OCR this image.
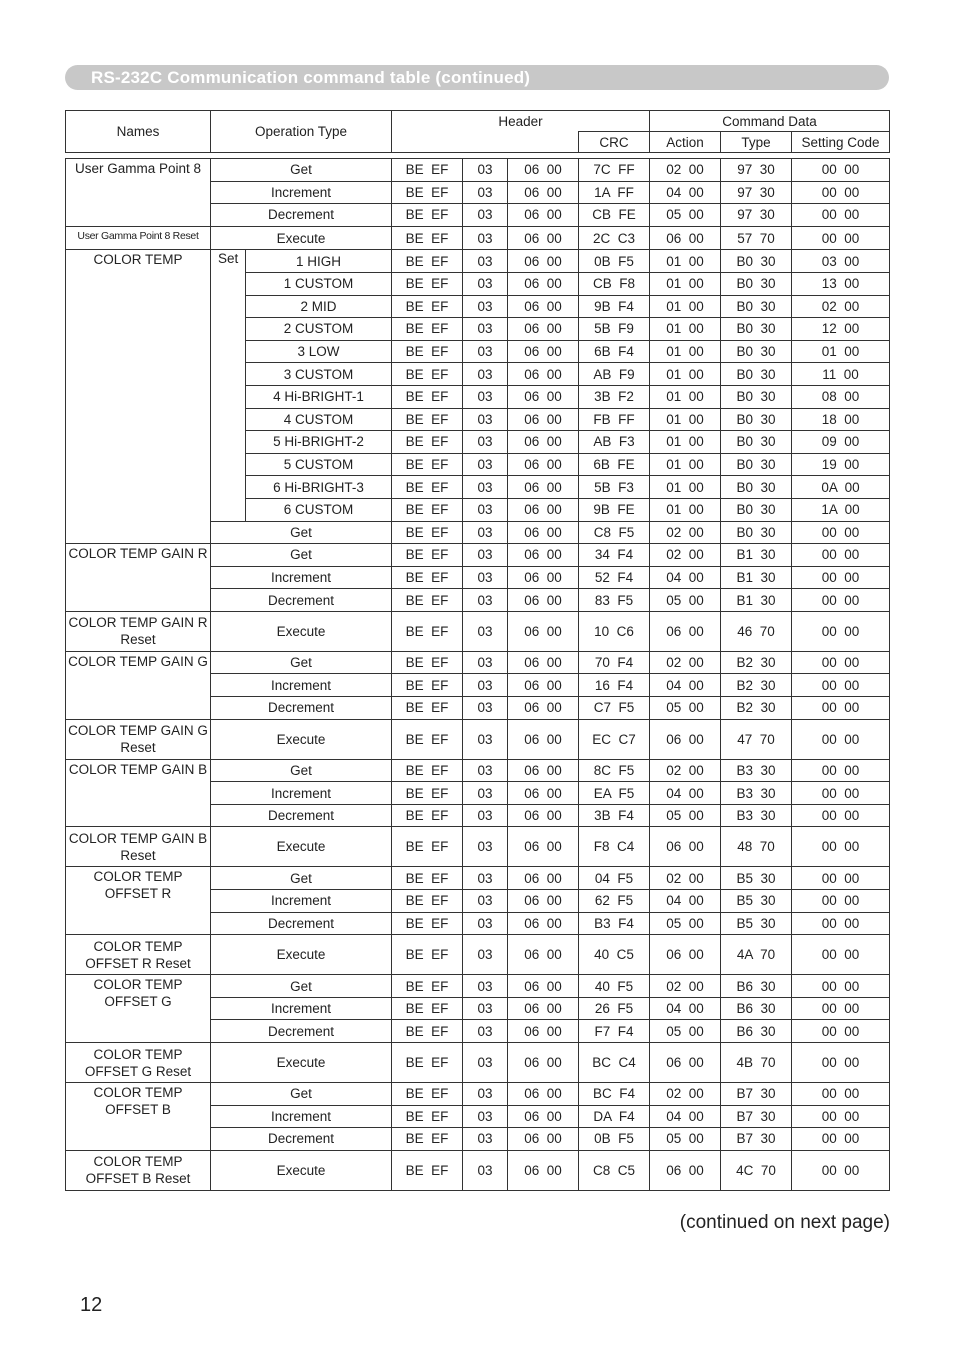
RS-232C Communication command table (continued)
Names	Operation Type		Header				Command Data		
						CRC	Action	Type	Setting Code

User Gamma Point 8	Get		BE  EF	03	06  00	7C  FF	02  00	97  30	00  00
	Increment		BE  EF	03	06  00	1A  FF	04  00	97  30	00  00
	Decrement		BE  EF	03	06  00	CB  FE	05  00	97  30	00  00
User Gamma Point 8 Reset	Execute		BE  EF	03	06  00	2C  C3	06  00	57  70	00  00
COLOR TEMP	Set	1 HIGH	BE  EF	03	06  00	0B  F5	01  00	B0  30	03  00
		1 CUSTOM	BE  EF	03	06  00	CB  F8	01  00	B0  30	13  00
		2 MID	BE  EF	03	06  00	9B  F4	01  00	B0  30	02  00
		2 CUSTOM	BE  EF	03	06  00	5B  F9	01  00	B0  30	12  00
		3 LOW	BE  EF	03	06  00	6B  F4	01  00	B0  30	01  00
		3 CUSTOM	BE  EF	03	06  00	AB  F9	01  00	B0  30	11  00
		4 Hi-BRIGHT-1	BE  EF	03	06  00	3B  F2	01  00	B0  30	08  00
		4 CUSTOM	BE  EF	03	06  00	FB  FF	01  00	B0  30	18  00
		5 Hi-BRIGHT-2	BE  EF	03	06  00	AB  F3	01  00	B0  30	09  00
		5 CUSTOM	BE  EF	03	06  00	6B  FE	01  00	B0  30	19  00
		6 Hi-BRIGHT-3	BE  EF	03	06  00	5B  F3	01  00	B0  30	0A  00
		6 CUSTOM	BE  EF	03	06  00	9B  FE	01  00	B0  30	1A  00
	Get		BE  EF	03	06  00	C8  F5	02  00	B0  30	00  00
COLOR TEMP GAIN R	Get		BE  EF	03	06  00	34  F4	02  00	B1  30	00  00
	Increment		BE  EF	03	06  00	52  F4	04  00	B1  30	00  00
	Decrement		BE  EF	03	06  00	83  F5	05  00	B1  30	00  00
COLOR TEMP GAIN R Reset	Execute		BE  EF	03	06  00	10  C6	06  00	46  70	00  00
COLOR TEMP GAIN G	Get		BE  EF	03	06  00	70  F4	02  00	B2  30	00  00
	Increment		BE  EF	03	06  00	16  F4	04  00	B2  30	00  00
	Decrement		BE  EF	03	06  00	C7  F5	05  00	B2  30	00  00
COLOR TEMP GAIN G Reset	Execute		BE  EF	03	06  00	EC  C7	06  00	47  70	00  00
COLOR TEMP GAIN B	Get		BE  EF	03	06  00	8C  F5	02  00	B3  30	00  00
	Increment		BE  EF	03	06  00	EA  F5	04  00	B3  30	00  00
	Decrement		BE  EF	03	06  00	3B  F4	05  00	B3  30	00  00
COLOR TEMP GAIN B Reset	Execute		BE  EF	03	06  00	F8  C4	06  00	48  70	00  00
COLOR TEMP OFFSET R	Get		BE  EF	03	06  00	04  F5	02  00	B5  30	00  00
	Increment		BE  EF	03	06  00	62  F5	04  00	B5  30	00  00
	Decrement		BE  EF	03	06  00	B3  F4	05  00	B5  30	00  00
COLOR TEMP OFFSET R Reset	Execute		BE  EF	03	06  00	40  C5	06  00	4A  70	00  00
COLOR TEMP OFFSET G	Get		BE  EF	03	06  00	40  F5	02  00	B6  30	00  00
	Increment		BE  EF	03	06  00	26  F5	04  00	B6  30	00  00
	Decrement		BE  EF	03	06  00	F7  F4	05  00	B6  30	00  00
COLOR TEMP OFFSET G Reset	Execute		BE  EF	03	06  00	BC  C4	06  00	4B  70	00  00
COLOR TEMP OFFSET B	Get		BE  EF	03	06  00	BC  F4	02  00	B7  30	00  00
	Increment		BE  EF	03	06  00	DA  F4	04  00	B7  30	00  00
	Decrement		BE  EF	03	06  00	0B  F5	05  00	B7  30	00  00
COLOR TEMP OFFSET B Reset	Execute		BE  EF	03	06  00	C8  C5	06  00	4C  70	00  00
(continued on next page)
12
